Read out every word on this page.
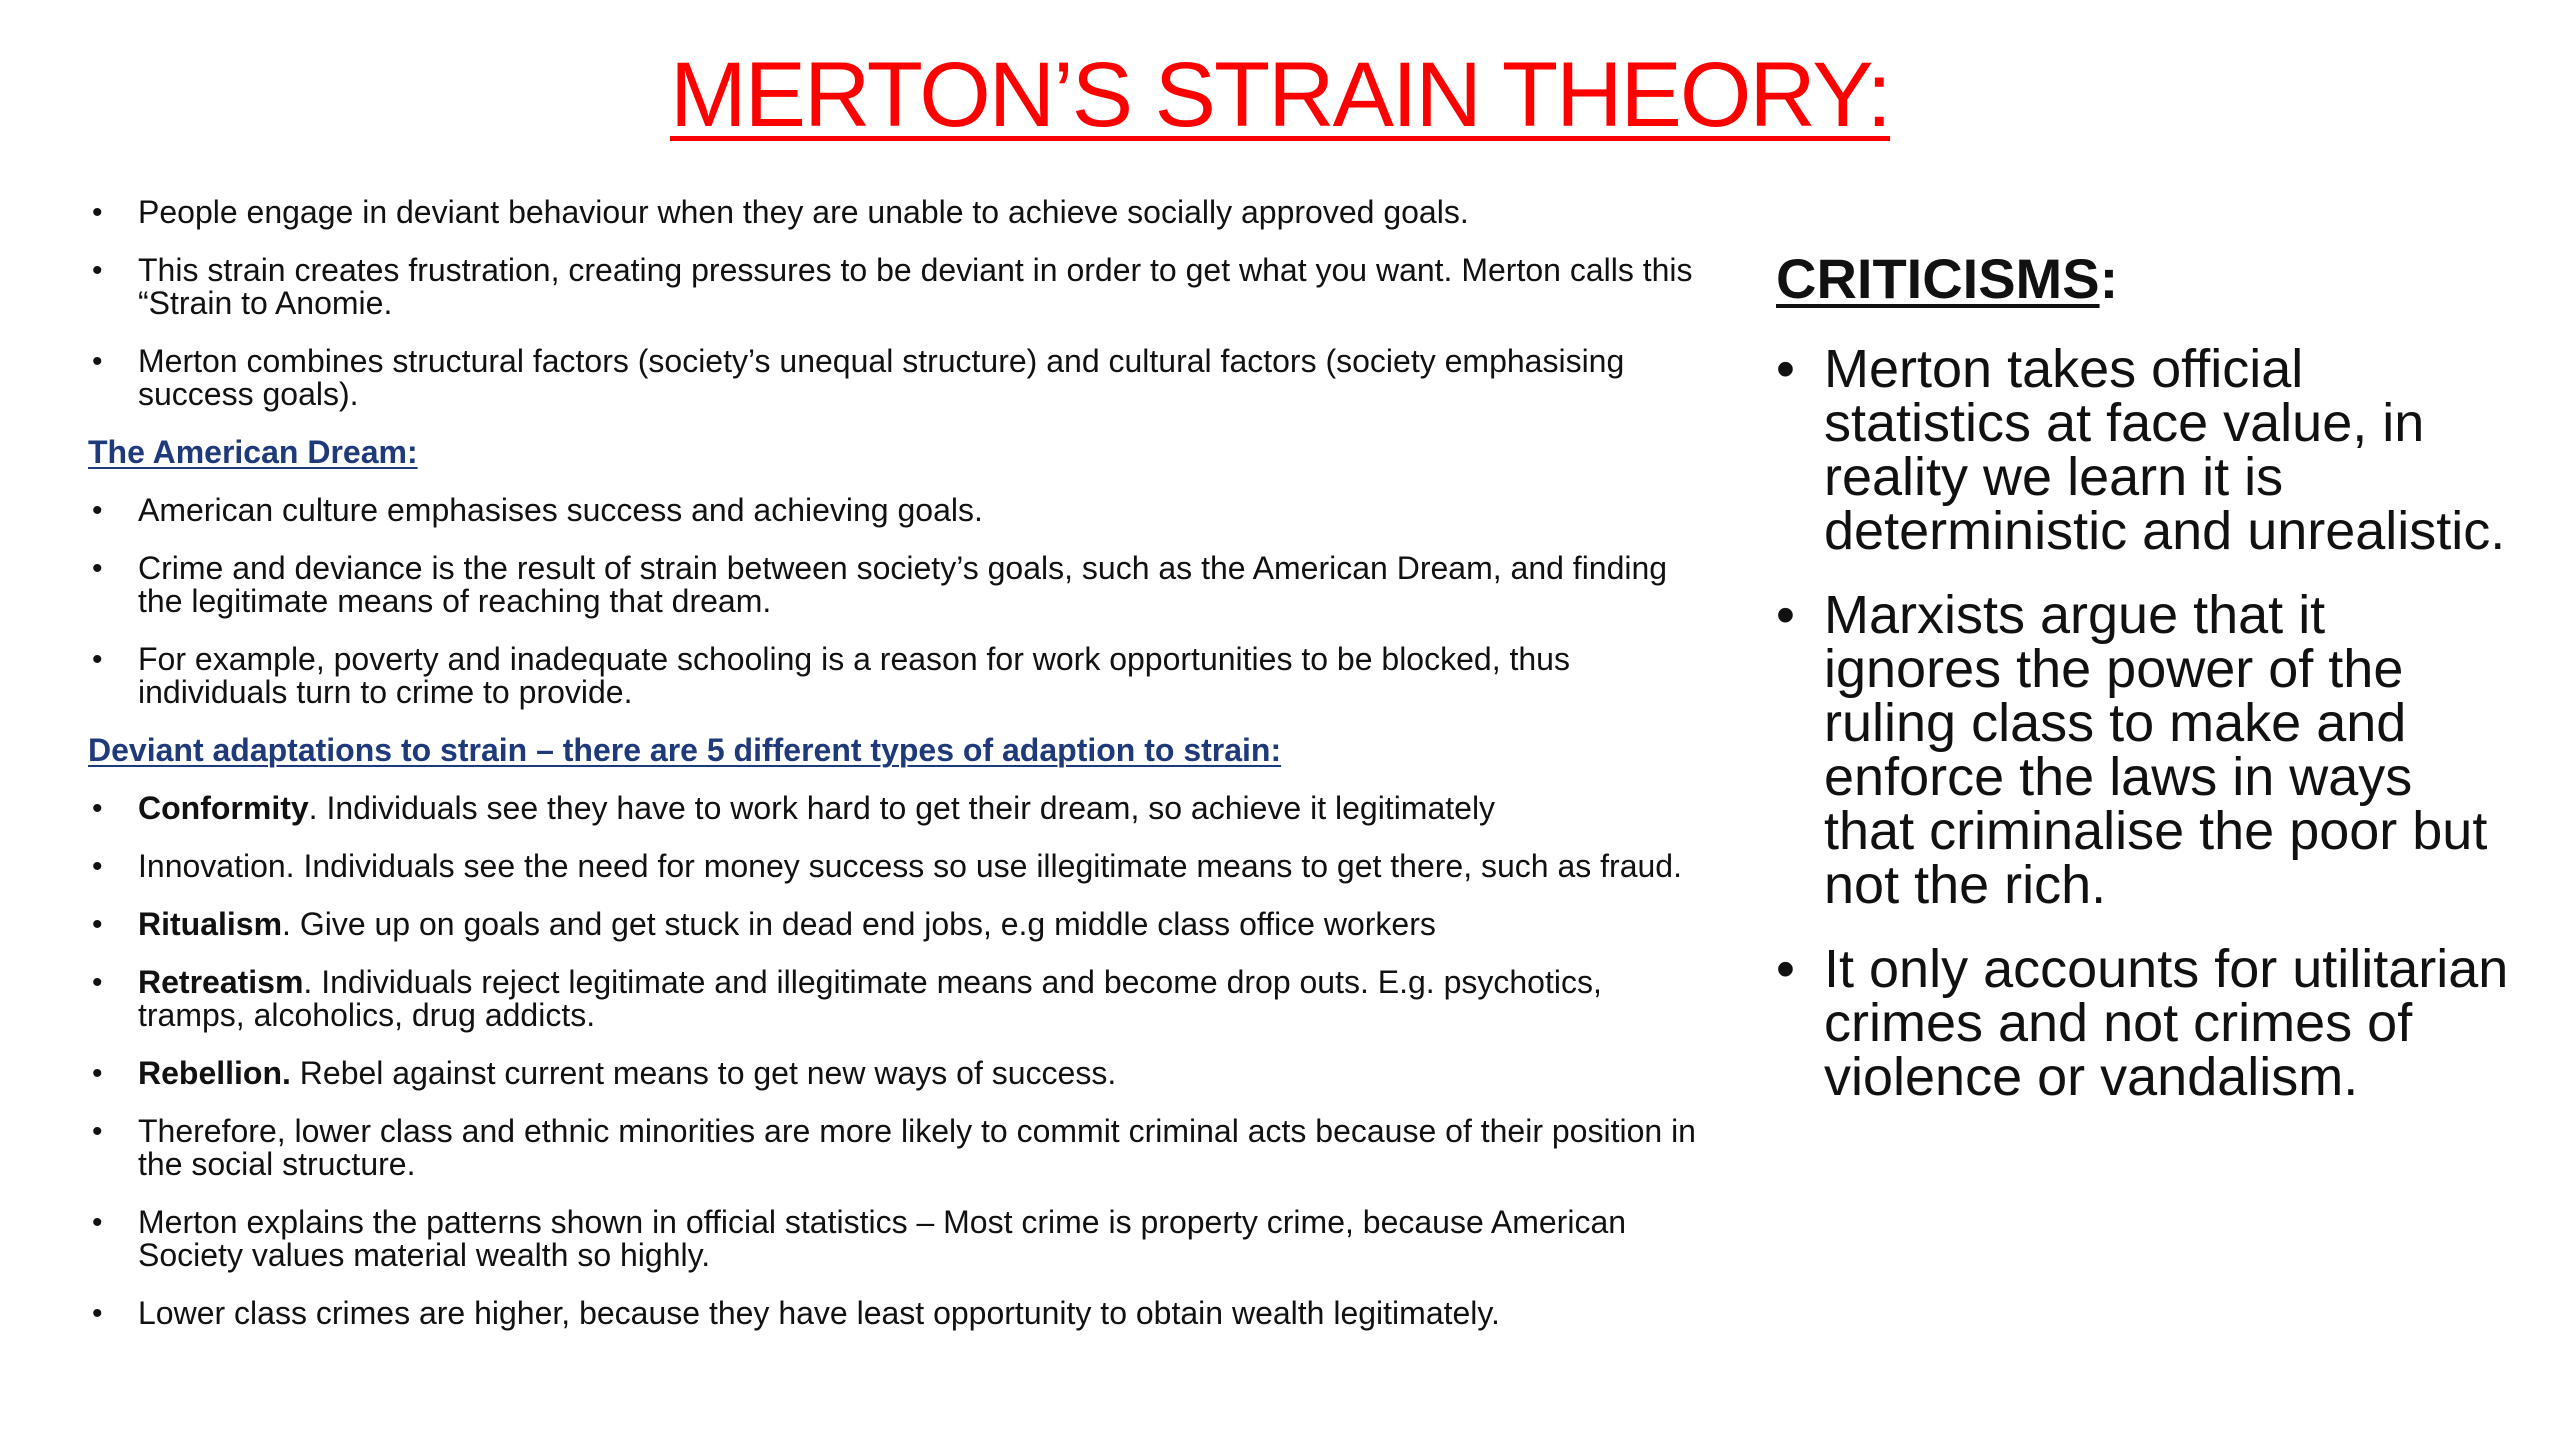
MERTON’S STRAIN THEORY:
• People engage in deviant behaviour when they are unable to achieve socially approved goals.
• This strain creates frustration, creating pressures to be deviant in order to get what you want. Merton calls this “Strain to Anomie.
• Merton combines structural factors (society’s unequal structure) and cultural factors (society emphasising success goals).
The American Dream:
• American culture emphasises success and achieving goals.
• Crime and deviance is the result of strain between society’s goals, such as the American Dream, and finding the legitimate means of reaching that dream.
• For example, poverty and inadequate schooling is a reason for work opportunities to be blocked, thus individuals turn to crime to provide.
Deviant adaptations to strain – there are 5 different types of adaption to strain:
• Conformity. Individuals see they have to work hard to get their dream, so achieve it legitimately
• Innovation. Individuals see the need for money success so use illegitimate means to get there, such as fraud.
• Ritualism. Give up on goals and get stuck in dead end jobs, e.g middle class office workers
• Retreatism. Individuals reject legitimate and illegitimate means and become drop outs. E.g. psychotics, tramps, alcoholics, drug addicts.
• Rebellion. Rebel against current means to get new ways of success.
• Therefore, lower class and ethnic minorities are more likely to commit criminal acts because of their position in the social structure.
• Merton explains the patterns shown in official statistics – Most crime is property crime, because American Society values material wealth so highly.
• Lower class crimes are higher, because they have least opportunity to obtain wealth legitimately.
CRITICISMS:
• Merton takes official statistics at face value, in reality we learn it is deterministic and unrealistic.
• Marxists argue that it ignores the power of the ruling class to make and enforce the laws in ways that criminalise the poor but not the rich.
• It only accounts for utilitarian crimes and not crimes of violence or vandalism.
